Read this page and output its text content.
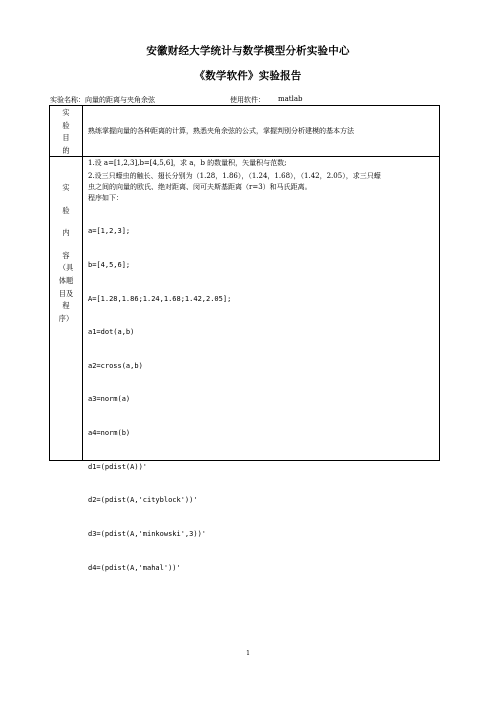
安徽财经大学统计与数学模型分析实验中心
《数学软件》实验报告
实验名称：向量的距离与夹角余弦	使用软件： matlab
实
验
目
的
熟练掌握向量的各种距离的计算，熟悉夹角余弦的公式，掌握判别分析建模的基本方法
实
验
内
容
（具
体题
目及
程
序）
1.设 a=[1,2,3],b=[4,5,6]，求 a，b 的数量积，矢量积与范数;
2.设三只蠓虫的触长、翅长分别为（1.28，1.86），（1.24，1.68），（1.42，2.05），求三只蠓
虫之间的向量的欧氏、绝对距离、闵可夫斯基距离（r=3）和马氏距离。
程序如下：

a=[1,2,3];

b=[4,5,6];

A=[1.28,1.86;1.24,1.68;1.42,2.05];

a1=dot(a,b)

a2=cross(a,b)

a3=norm(a)

a4=norm(b)

d1=(pdist(A))'

d2=(pdist(A,'cityblock'))'

d3=(pdist(A,'minkowski',3))'

d4=(pdist(A,'mahal'))'

1
